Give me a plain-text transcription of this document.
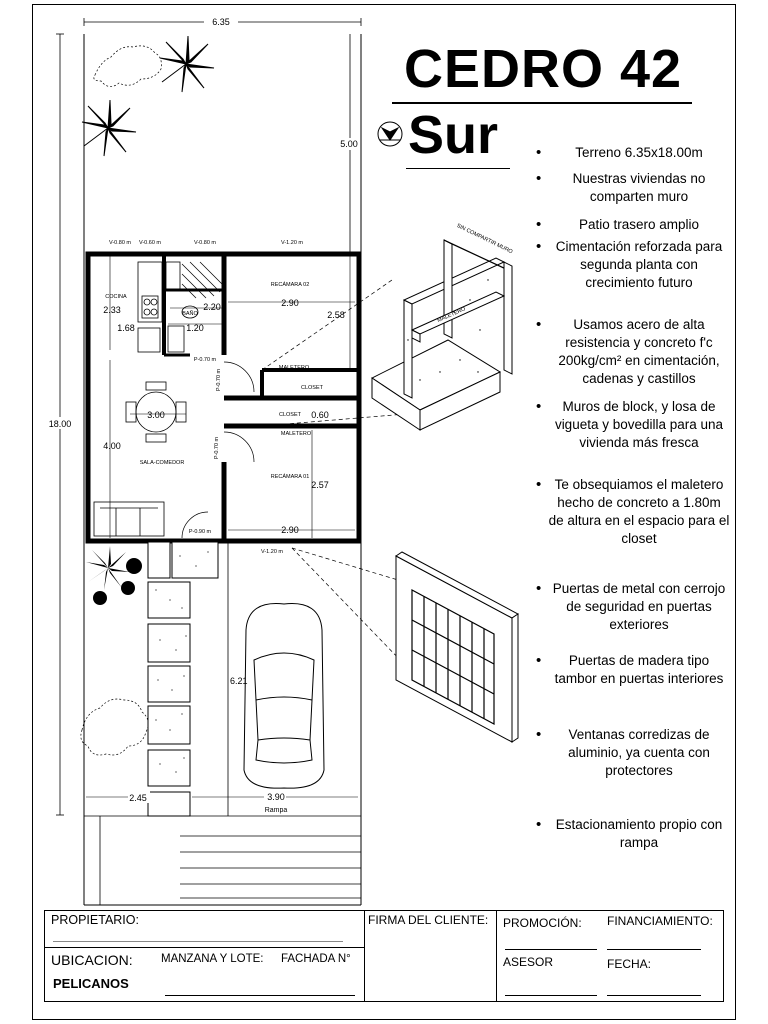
6.35
18.00
5.00
2.33
1.68
2.20
1.20
2.90
2.58
0.60
3.00
4.00
2.57
2.90
COCINA
BAÑO
RECÁMARA 02
MALETERO
CLOSET
CLOSET
MALETERO
SALA-COMEDOR
RECÁMARA 01
V-0.80 m V-0.60 m	V-0.80 m	V-1.20 m
V-1.20 m
P-0.70 m
P-0.70 m
P-0.70 m
P-0.90 m
6.21
2.45	3.90
Rampa
MALETERO
SIN COMPARTIR MURO
CEDRO 42
Sur
•	Terreno 6.35x18.00m
• Nuestras viviendas no comparten muro
• Patio trasero amplio
• Cimentación reforzada para segunda planta con crecimiento futuro
• Usamos acero de alta resistencia y concreto f'c 200kg/cm² en cimentación, cadenas y castillos
• Muros de block, y losa de vigueta y bovedilla para una vivienda más fresca
• Te obsequiamos el maletero hecho de concreto a 1.80m de altura en el espacio para el closet
• Puertas de metal con cerrojo de seguridad en puertas exteriores
• Puertas de madera tipo tambor en puertas interiores
• Ventanas corredizas de aluminio, ya cuenta con protectores
• Estacionamiento propio con rampa
PROPIETARIO:
UBICACION: MANZANA Y LOTE: FACHADA N°
PELICANOS
FIRMA DEL CLIENTE: PROMOCIÓN: FINANCIAMIENTO:
ASESOR	FECHA:
